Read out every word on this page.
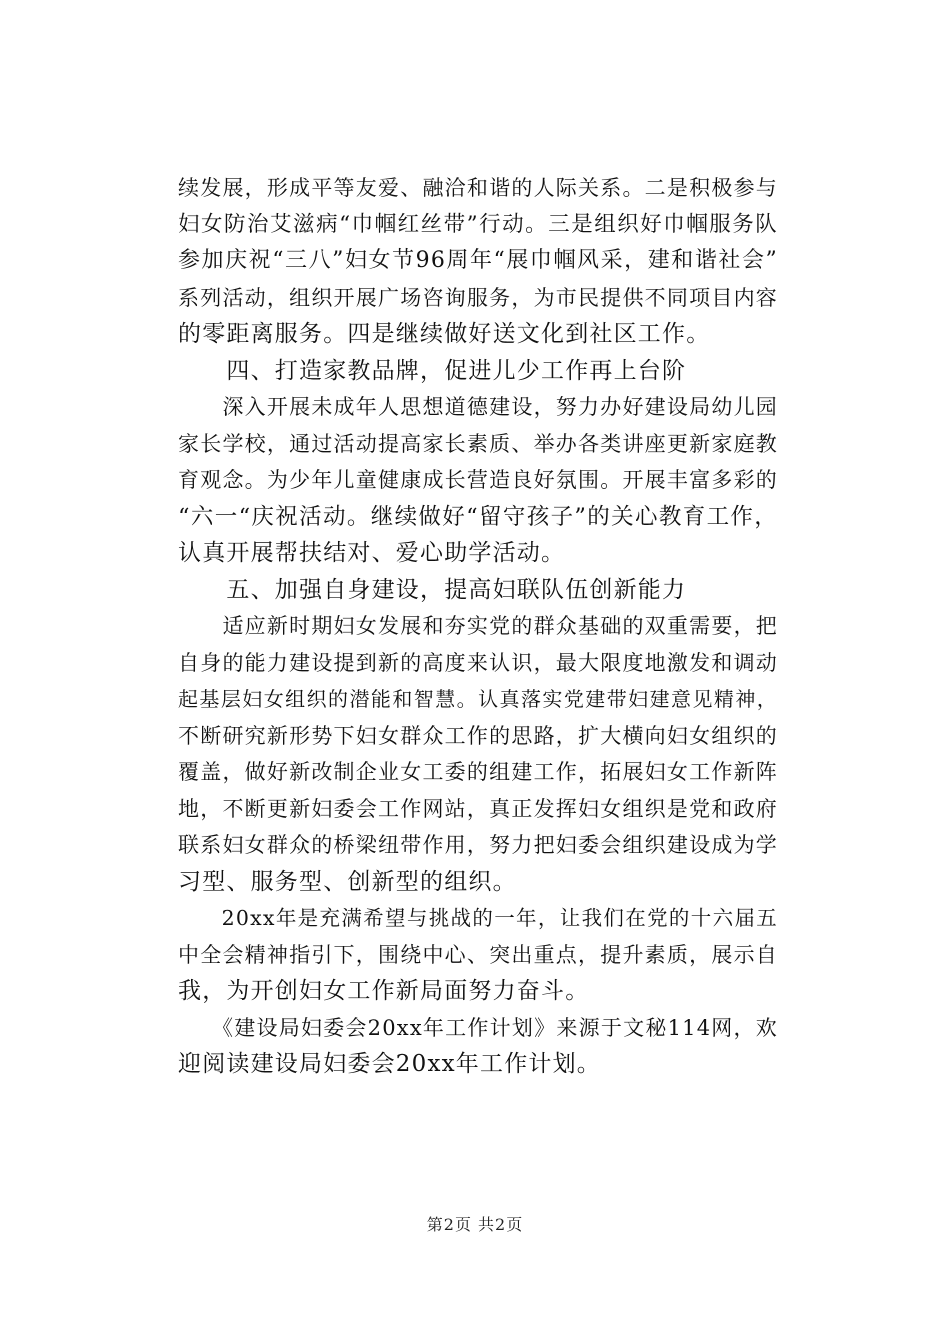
续发展，形成平等友爱、融洽和谐的人际关系。二是积极参与
妇女防治艾滋病“巾帼红丝带”行动。三是组织好巾帼服务队
参加庆祝“三八”妇女节96周年“展巾帼风采，建和谐社会”
系列活动，组织开展广场咨询服务，为市民提供不同项目内容
的零距离服务。四是继续做好送文化到社区工作。
　　四、打造家教品牌，促进儿少工作再上台阶
　　深入开展未成年人思想道德建设，努力办好建设局幼儿园
家长学校，通过活动提高家长素质、举办各类讲座更新家庭教
育观念。为少年儿童健康成长营造良好氛围。开展丰富多彩的
“六一“庆祝活动。继续做好“留守孩子”的关心教育工作，
认真开展帮扶结对、爱心助学活动。
　　五、加强自身建设，提高妇联队伍创新能力
　　适应新时期妇女发展和夯实党的群众基础的双重需要，把
自身的能力建设提到新的高度来认识，最大限度地激发和调动
起基层妇女组织的潜能和智慧。认真落实党建带妇建意见精神，
不断研究新形势下妇女群众工作的思路，扩大横向妇女组织的
覆盖，做好新改制企业女工委的组建工作，拓展妇女工作新阵
地，不断更新妇委会工作网站，真正发挥妇女组织是党和政府
联系妇女群众的桥梁纽带作用，努力把妇委会组织建设成为学
习型、服务型、创新型的组织。
　　20xx年是充满希望与挑战的一年，让我们在党的十六届五
中全会精神指引下，围绕中心、突出重点，提升素质，展示自
我，为开创妇女工作新局面努力奋斗。
　　《建设局妇委会20xx年工作计划》来源于文秘114网，欢
迎阅读建设局妇委会20xx年工作计划。
第2页 共2页
